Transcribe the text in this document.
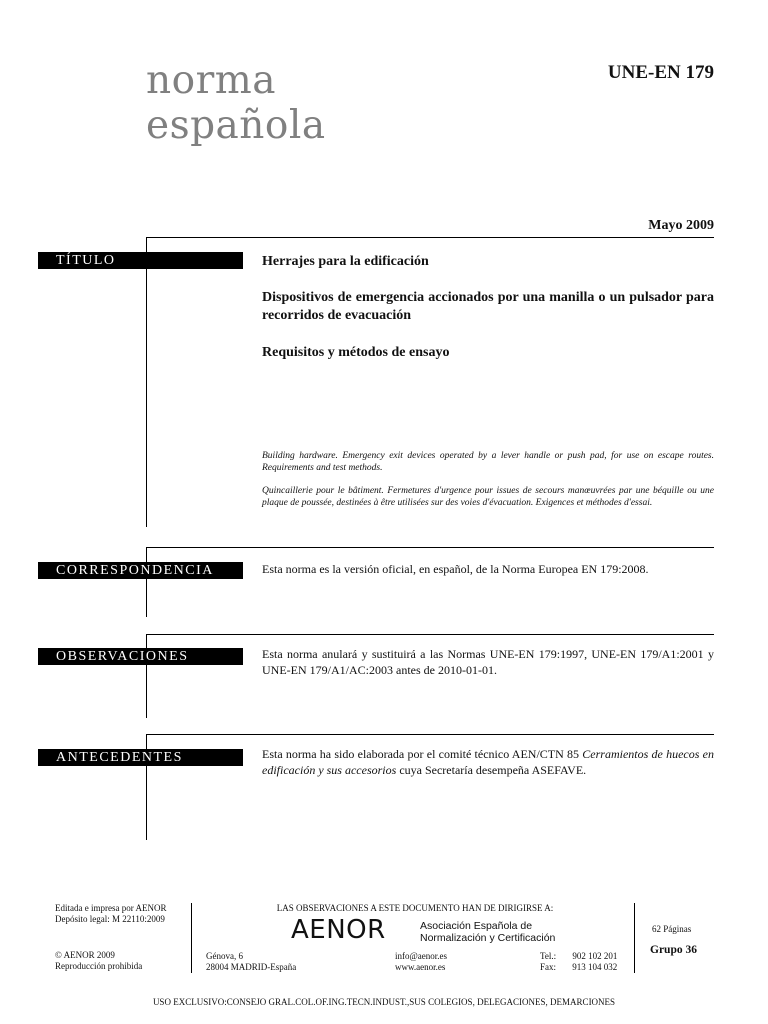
norma
española
UNE-EN 179
Mayo 2009
TÍTULO	Herrajes para la edificación
Dispositivos de emergencia accionados por una manilla o un pulsador para recorridos de evacuación
Requisitos y métodos de ensayo
Building hardware. Emergency exit devices operated by a lever handle or push pad, for use on escape routes. Requirements and test methods.
Quincaillerie pour le bâtiment. Fermetures d'urgence pour issues de secours manœuvrées par une béquille ou une plaque de poussée, destinées à être utilisées sur des voies d'évacuation. Exigences et méthodes d'essai.
CORRESPONDENCIA	Esta norma es la versión oficial, en español, de la Norma Europea EN 179:2008.
OBSERVACIONES	Esta norma anulará y sustituirá a las Normas UNE-EN 179:1997, UNE-EN 179/A1:2001 y UNE-EN 179/A1/AC:2003 antes de 2010-01-01.
ANTECEDENTES	Esta norma ha sido elaborada por el comité técnico AEN/CTN 85 Cerramientos de huecos en edificación y sus accesorios cuya Secretaría desempeña ASEFAVE.
Editada e impresa por AENOR
Depósito legal: M 22110:2009
© AENOR 2009
Reproducción prohibida
LAS OBSERVACIONES A ESTE DOCUMENTO HAN DE DIRIGIRSE A:
AENOR	Asociación Española de
Normalización y Certificación
Génova, 6
28004 MADRID-España
info@aenor.es
www.aenor.es
Tel.: 902 102 201
Fax: 913 104 032
62 Páginas
Grupo 36
USO EXCLUSIVO:CONSEJO GRAL.COL.OF.ING.TECN.INDUST.,SUS COLEGIOS, DELEGACIONES, DEMARCIONES
